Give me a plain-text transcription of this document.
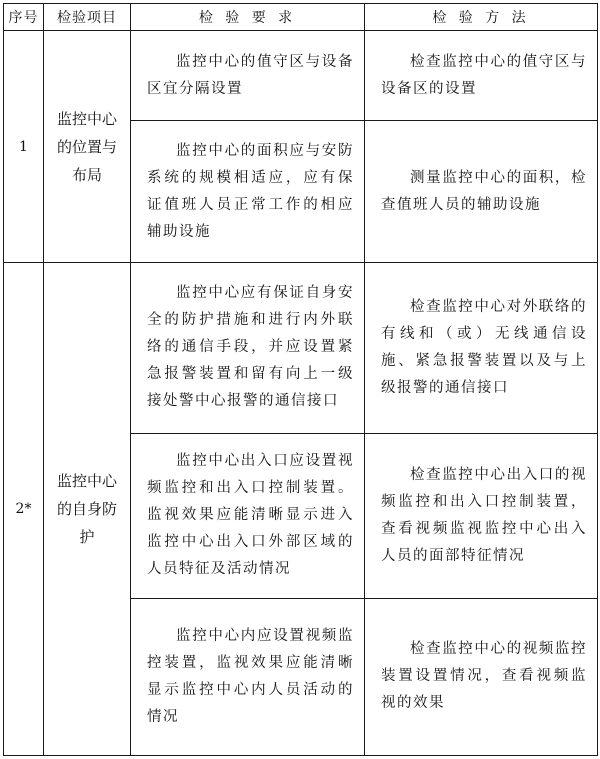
序号	检验项目	检 验 要 求	检 验 方 法
1	监控中心的位置与布局	监控中心的值守区与设备区宜分隔设置	检查监控中心的值守区与设备区的设置
		监控中心的面积应与安防系统的规模相适应，应有保证值班人员正常工作的相应辅助设施	测量监控中心的面积，检查值班人员的辅助设施
2*	监控中心的自身防护	监控中心应有保证自身安全的防护措施和进行内外联络的通信手段，并应设置紧急报警装置和留有向上一级接处警中心报警的通信接口	检查监控中心对外联络的有线和（或）无线通信设施、紧急报警装置以及与上级报警的通信接口
		监控中心出入口应设置视频监控和出入口控制装置。监视效果应能清晰显示进入监控中心出入口外部区域的人员特征及活动情况	检查监控中心出入口的视频监控和出入口控制装置，查看视频监视监控中心出入人员的面部特征情况
		监控中心内应设置视频监控装置，监视效果应能清晰显示监控中心内人员活动的情况	检查监控中心的视频监控装置设置情况，查看视频监视的效果
